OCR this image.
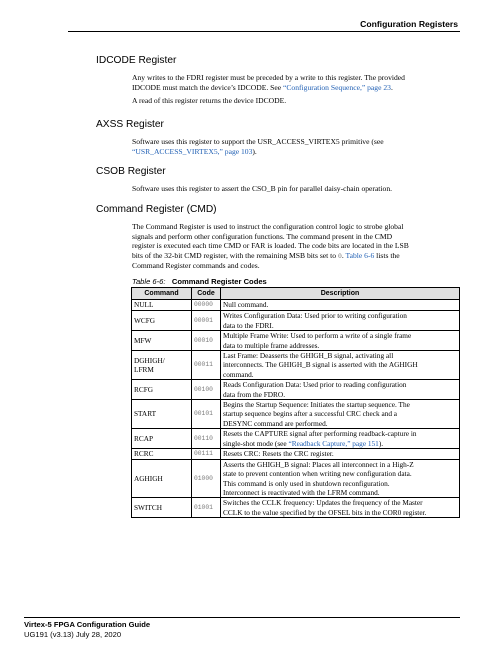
Configuration Registers
IDCODE Register
Any writes to the FDRI register must be preceded by a write to this register. The provided
IDCODE must match the device’s IDCODE. See “Configuration Sequence,” page 23.
A read of this register returns the device IDCODE.
AXSS Register
Software uses this register to support the USR_ACCESS_VIRTEX5 primitive (see
“USR_ACCESS_VIRTEX5,” page 103).
CSOB Register
Software uses this register to assert the CSO_B pin for parallel daisy-chain operation.
Command Register (CMD)
The Command Register is used to instruct the configuration control logic to strobe global
signals and perform other configuration functions. The command present in the CMD
register is executed each time CMD or FAR is loaded. The code bits are located in the LSB
bits of the 32-bit CMD register, with the remaining MSB bits set to 0. Table 6-6 lists the
Command Register commands and codes.
Table 6-6: Command Register Codes
Command	Code	Description

NULL	00000	Null command.

WCFG	00001	Writes Configuration Data: Used prior to writing configuration
data to the FDRI.

MFW	00010	Multiple Frame Write: Used to perform a write of a single frame
data to multiple frame addresses.

DGHIGH/
LFRM	00011	Last Frame: Deasserts the GHIGH_B signal, activating all
interconnects. The GHIGH_B signal is asserted with the AGHIGH
command.

RCFG	00100	Reads Configuration Data: Used prior to reading configuration
data from the FDRO.

START	00101	Begins the Startup Sequence: Initiates the startup sequence. The
startup sequence begins after a successful CRC check and a
DESYNC command are performed.

RCAP	00110	Resets the CAPTURE signal after performing readback-capture in
single-shot mode (see “Readback Capture,” page 151).

RCRC	00111	Resets CRC: Resets the CRC register.

AGHIGH	01000	Asserts the GHIGH_B signal: Places all interconnect in a High-Z
state to prevent contention when writing new configuration data.
This command is only used in shutdown reconfiguration.
Interconnect is reactivated with the LFRM command.

SWITCH	01001	Switches the CCLK frequency: Updates the frequency of the Master
CCLK to the value specified by the OFSEL bits in the COR0 register.
Virtex-5 FPGA Configuration Guide
UG191 (v3.13) July 28, 2020
